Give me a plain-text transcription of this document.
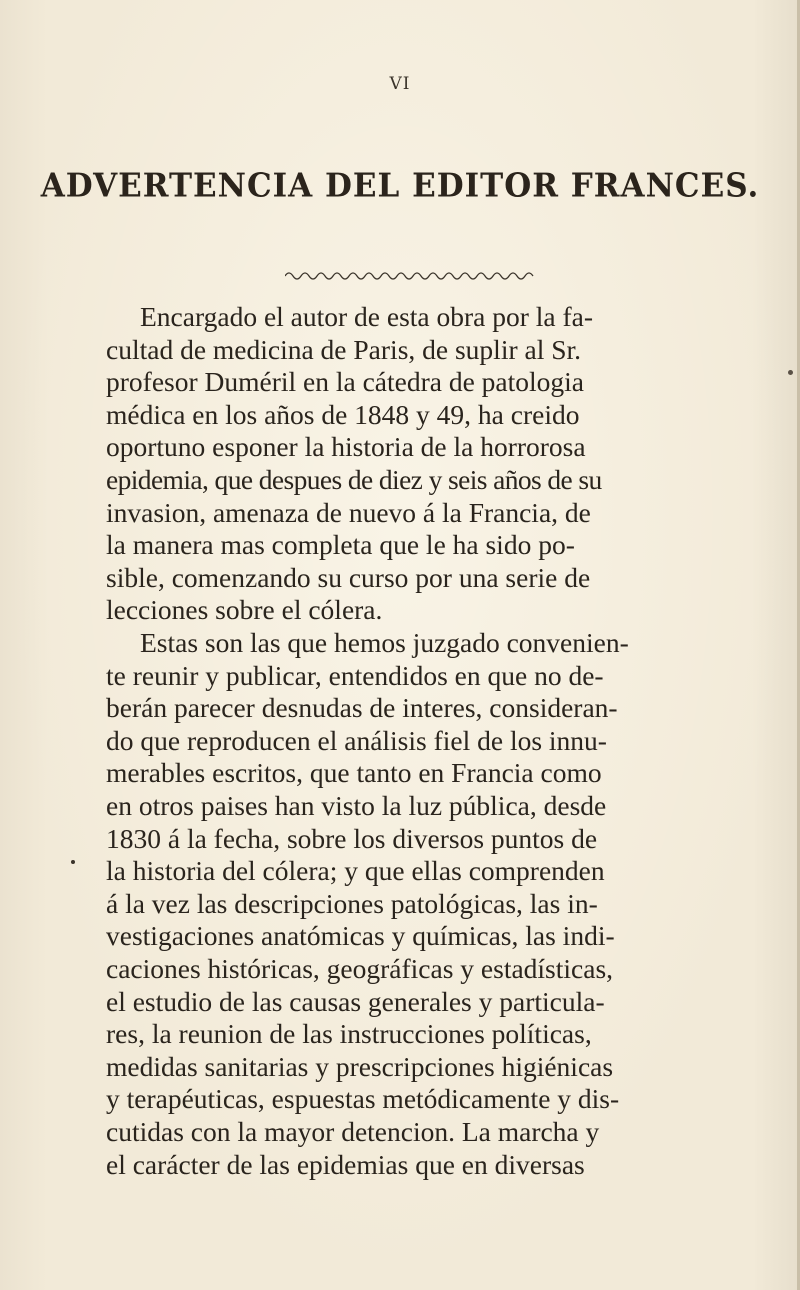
VI
ADVERTENCIA DEL EDITOR FRANCES.
Encargado el autor de esta obra por la fa-
cultad de medicina de Paris, de suplir al Sr.
profesor Duméril en la cátedra de patologia
médica en los años de 1848 y 49, ha creido
oportuno esponer la historia de la horrorosa
epidemia, que despues de diez y seis años de su
invasion, amenaza de nuevo á la Francia, de
la manera mas completa que le ha sido po-
sible, comenzando su curso por una serie de
lecciones sobre el cólera.
Estas son las que hemos juzgado convenien-
te reunir y publicar, entendidos en que no de-
berán parecer desnudas de interes, consideran-
do que reproducen el análisis fiel de los innu-
merables escritos, que tanto en Francia como
en otros paises han visto la luz pública, desde
1830 á la fecha, sobre los diversos puntos de
la historia del cólera; y que ellas comprenden
á la vez las descripciones patológicas, las in-
vestigaciones anatómicas y químicas, las indi-
caciones históricas, geográficas y estadísticas,
el estudio de las causas generales y particula-
res, la reunion de las instrucciones políticas,
medidas sanitarias y prescripciones higiénicas
y terapéuticas, espuestas metódicamente y dis-
cutidas con la mayor detencion. La marcha y
el carácter de las epidemias que en diversas
